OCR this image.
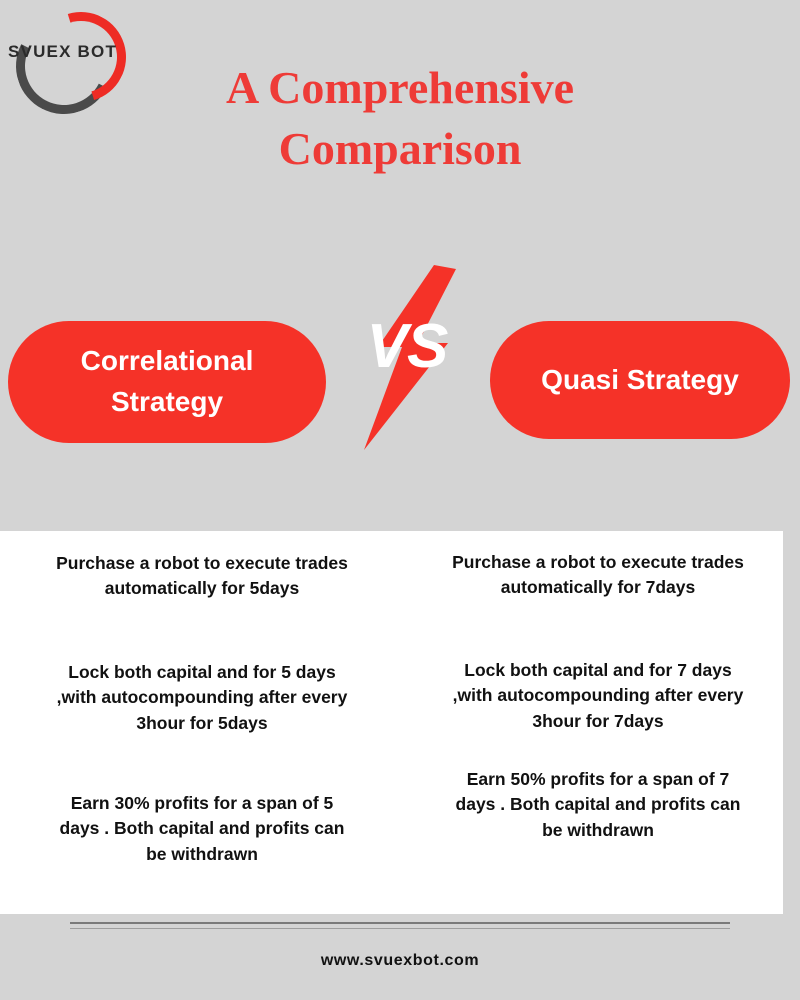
SVUEX BOT
A Comprehensive Comparison
Correlational Strategy
VS	Quasi Strategy
Purchase a robot to execute trades automatically for 5days
Lock both capital and for 5 days ,with autocompounding after every 3hour for 5days
Earn 30% profits for a span of 5 days . Both capital and profits can be withdrawn
Purchase a robot to execute trades automatically for 7days
Lock both capital and for 7 days ,with autocompounding after every 3hour for 7days
Earn 50% profits for a span of 7 days . Both capital and profits can be withdrawn
www.svuexbot.com
